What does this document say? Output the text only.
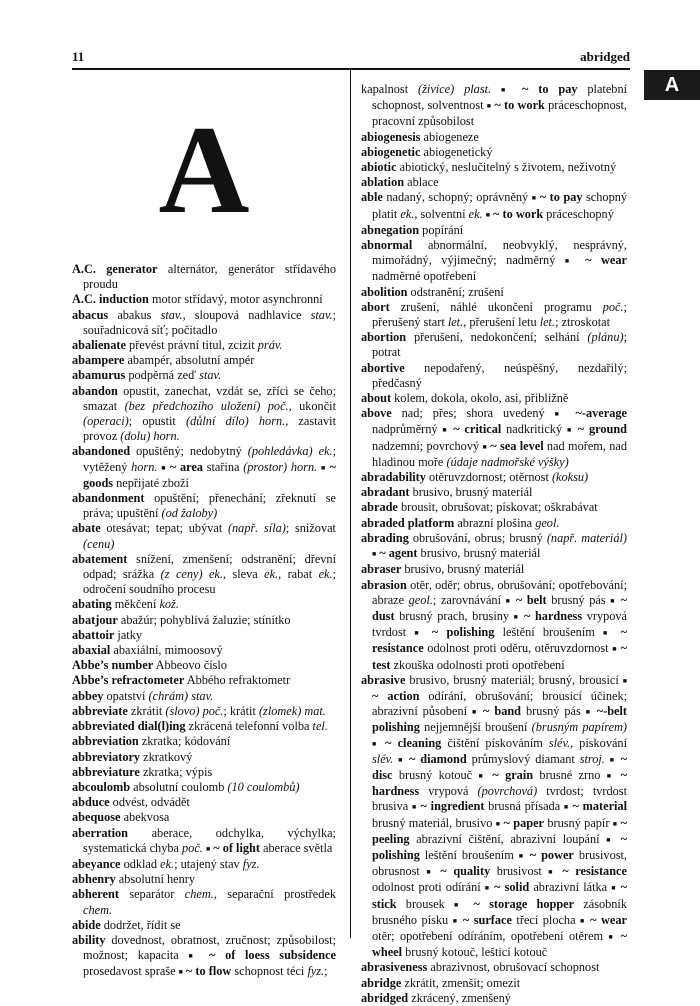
11	abridged
A
A

A.C. generator alternátor, generátor střídavého proudu

A.C. induction motor střídavý, motor asynchronní

abacus abakus stav., sloupová nadhlavice stav.; souřadnicová síť; počitadlo

abalienate převést právní titul, zcizit práv.

abampere abampér, absolutní ampér

abamurus podpěrná zeď stav.

abandon opustit, zanechat, vzdát se, zříci se čeho; smazat (bez předchozího uložení) poč., ukončit (operaci); opustit (důlní dílo) horn., zastavit provoz (dolu) horn.

abandoned opuštěný; nedobytný (pohledávka) ek.; vytěžený horn. ■ ~ area stařina (prostor) horn. ■ ~ goods nepřijaté zboží

abandonment opuštění; přenechání; zřeknutí se práva; upuštění (od žaloby)

abate otesávat; tepat; ubývat (např. síla); snižovat (cenu)

abatement snížení, zmenšení; odstranění; dřevní odpad; srážka (z ceny) ek., sleva ek., rabat ek.; odročení soudního procesu

abating měkčení kož.

abatjour abažúr; pohyblivá žaluzie; stínítko

abattoir jatky

abaxial abaxiální, mimoosový

Abbe’s number Abbeovo číslo

Abbe’s refractometer Abbého refraktometr

abbey opatství (chrám) stav.

abbreviate zkrátit (slovo) poč.; krátit (zlomek) mat.

abbreviated dial(l)ing zkrácená telefonní volba tel.

abbreviation zkratka; kódování

abbreviatory zkratkový

abbreviature zkratka; výpis

abcoulomb absolutní coulomb (10 coulombů)

abduce odvést, odvádět

abequose abekvosa

aberration aberace, odchylka, výchylka; systematická chyba poč. ■ ~ of light aberace světla

abeyance odklad ek.; utajený stav fyz.

abhenry absolutní henry

abherent separátor chem., separační prostředek chem.

abide dodržet, řídit se

ability dovednost, obratnost, zručnost; způsobilost; možnost; kapacita ■ ~ of loess subsidence prosedavost spraše ■ ~ to flow schopnost téci fyz.;

kapalnost (živice) plast. ■ ~ to pay platební schopnost, solventnost ■ ~ to work práceschopnost, pracovní způsobilost

abiogenesis abiogeneze

abiogenetic abiogenetický

abiotic abiotický, neslučitelný s životem, neživotný

ablation ablace

able nadaný, schopný; oprávněný ■ ~ to pay schopný platit ek., solventní ek. ■ ~ to work práceschopný

abnegation popírání

abnormal abnormální, neobvyklý, nesprávný, mimořádný, výjimečný; nadměrný ■ ~ wear nadměrné opotřebení

abolition odstranění; zrušení

abort zrušení, náhlé ukončení programu poč.; přerušený start let., přerušení letu let.; ztroskotat

abortion přerušení, nedokončení; selhání (plánu); potrat

abortive nepodařený, neúspěšný, nezdařilý; předčasný

about kolem, dokola, okolo, asi, přibližně

above nad; přes; shora uvedený ■ ~-average nadprůměrný ■ ~ critical nadkritický ■ ~ ground nadzemní; povrchový ■ ~ sea level nad mořem, nad hladinou moře (údaje nadmořské výšky)

abradability otěruvzdornost; otěrnost (koksu)

abradant brusivo, brusný materiál

abrade brousit, obrušovat; pískovat; oškrabávat

abraded platform abrazní plošina geol.

abrading obrušování, obrus; brusný (např. materiál) ■ ~ agent brusivo, brusný materiál

abraser brusivo, brusný materiál

abrasion otěr, oděr; obrus, obrušování; opotřebování; abraze geol.; zarovnávání ■ ~ belt brusný pás ■ ~ dust brusný prach, brusiny ■ ~ hardness vrypová tvrdost ■ ~ polishing leštění broušením ■ ~ resistance odolnost proti oděru, otěruvzdornost ■ ~ test zkouška odolnosti proti opotřebení

abrasive brusivo, brusný materiál; brusný, brousicí ■ ~ action odírání, obrušování; brousicí účinek; abrazivní působení ■ ~ band brusný pás ■ ~-belt polishing nejjemnější broušení (brusným papírem) ■ ~ cleaning čištění pískováním slév., pískování slév. ■ ~ diamond průmyslový diamant stroj. ■ ~ disc brusný kotouč ■ ~ grain brusné zrno ■ ~ hardness vrypová (povrchová) tvrdost; tvrdost brusiva ■ ~ ingredient brusná přísada ■ ~ material brusný materiál, brusivo ■ ~ paper brusný papír ■ ~ peeling abrazivní čištění, abrazivní loupání ■ ~ polishing leštění broušením ■ ~ power brusivost, obrusnost ■ ~ quality brusivost ■ ~ resistance odolnost proti odírání ■ ~ solid abrazivní látka ■ ~ stick brousek ■ ~ storage hopper zásobník brusného písku ■ ~ surface třecí plocha ■ ~ wear otěr; opotřebení odíráním, opotřebení otěrem ■ ~ wheel brusný kotouč, lešticí kotouč

abrasiveness abrazivnost, obrušovací schopnost

abridge zkrátit, zmenšit; omezit

abridged zkrácený, zmenšený
